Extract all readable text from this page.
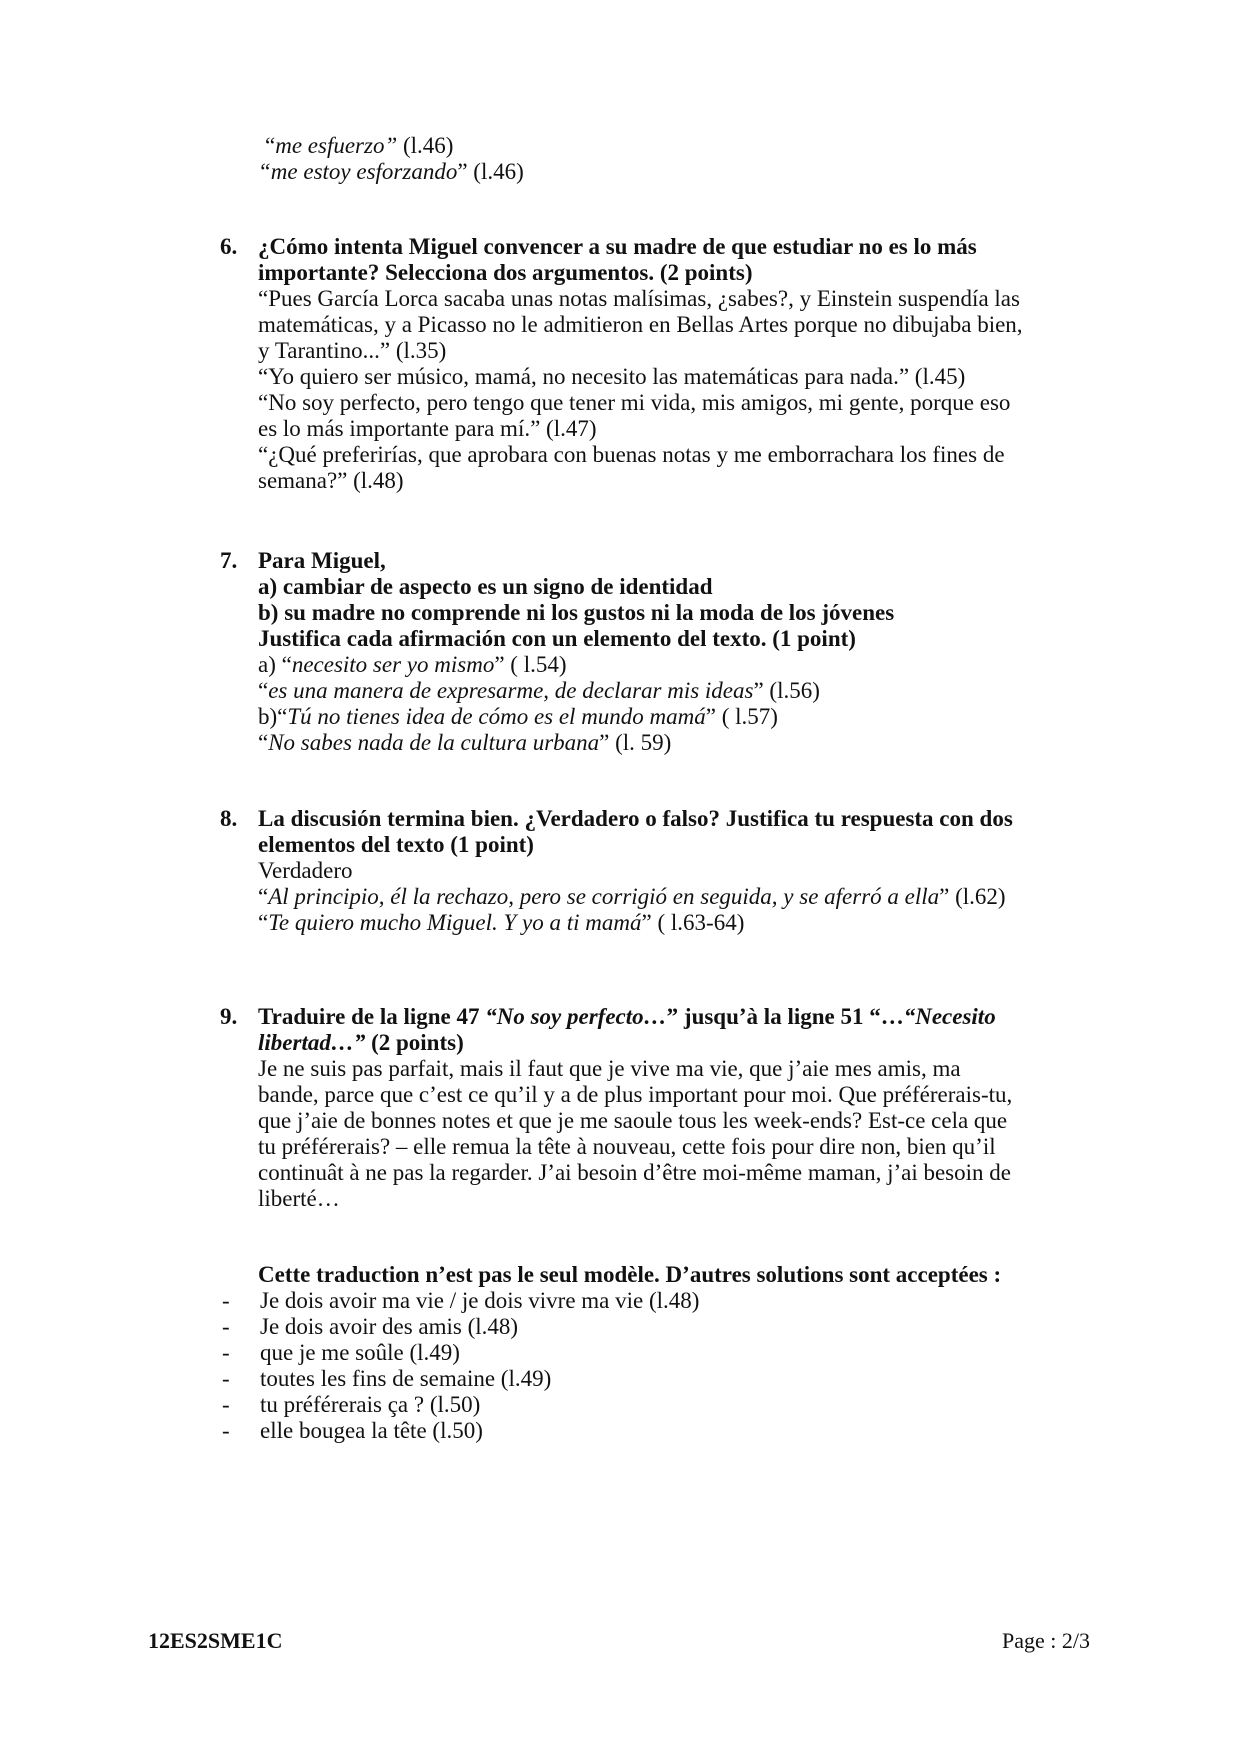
“me esfuerzo” (l.46)
“me estoy esforzando” (l.46)
6. ¿Cómo intenta Miguel convencer a su madre de que estudiar no es lo más
importante? Selecciona dos argumentos. (2 points)
“Pues García Lorca sacaba unas notas malísimas, ¿sabes?, y Einstein suspendía las
matemáticas, y a Picasso no le admitieron en Bellas Artes porque no dibujaba bien,
y Tarantino...” (l.35)
“Yo quiero ser músico, mamá, no necesito las matemáticas para nada.” (l.45)
“No soy perfecto, pero tengo que tener mi vida, mis amigos, mi gente, porque eso
es lo más importante para mí.” (l.47)
“¿Qué preferirías, que aprobara con buenas notas y me emborrachara los fines de
semana?” (l.48)
7. Para Miguel,
a) cambiar de aspecto es un signo de identidad
b) su madre no comprende ni los gustos ni la moda de los jóvenes
Justifica cada afirmación con un elemento del texto. (1 point)
a) “necesito ser yo mismo” ( l.54)
“es una manera de expresarme, de declarar mis ideas” (l.56)
b)“Tú no tienes idea de cómo es el mundo mamá” ( l.57)
“No sabes nada de la cultura urbana” (l. 59)
8. La discusión termina bien. ¿Verdadero o falso? Justifica tu respuesta con dos
elementos del texto (1 point)
Verdadero
“Al principio, él la rechazo, pero se corrigió en seguida, y se aferró a ella” (l.62)
“Te quiero mucho Miguel. Y yo a ti mamá” ( l.63-64)
9. Traduire de la ligne 47 “No soy perfecto…” jusqu’à la ligne 51 “…“Necesito
libertad…” (2 points)
Je ne suis pas parfait, mais il faut que je vive ma vie, que j’aie mes amis, ma
bande, parce que c’est ce qu’il y a de plus important pour moi. Que préférerais-tu,
que j’aie de bonnes notes et que je me saoule tous les week-ends? Est-ce cela que
tu préférerais? – elle remua la tête à nouveau, cette fois pour dire non, bien qu’il
continuât à ne pas la regarder. J’ai besoin d’être moi-même maman, j’ai besoin de
liberté…
Cette traduction n’est pas le seul modèle. D’autres solutions sont acceptées :
- Je dois avoir ma vie / je dois vivre ma vie (l.48)
- Je dois avoir des amis (l.48)
- que je me soûle (l.49)
- toutes les fins de semaine (l.49)
- tu préférerais ça ? (l.50)
- elle bougea la tête (l.50)
12ES2SME1C	Page : 2/3
